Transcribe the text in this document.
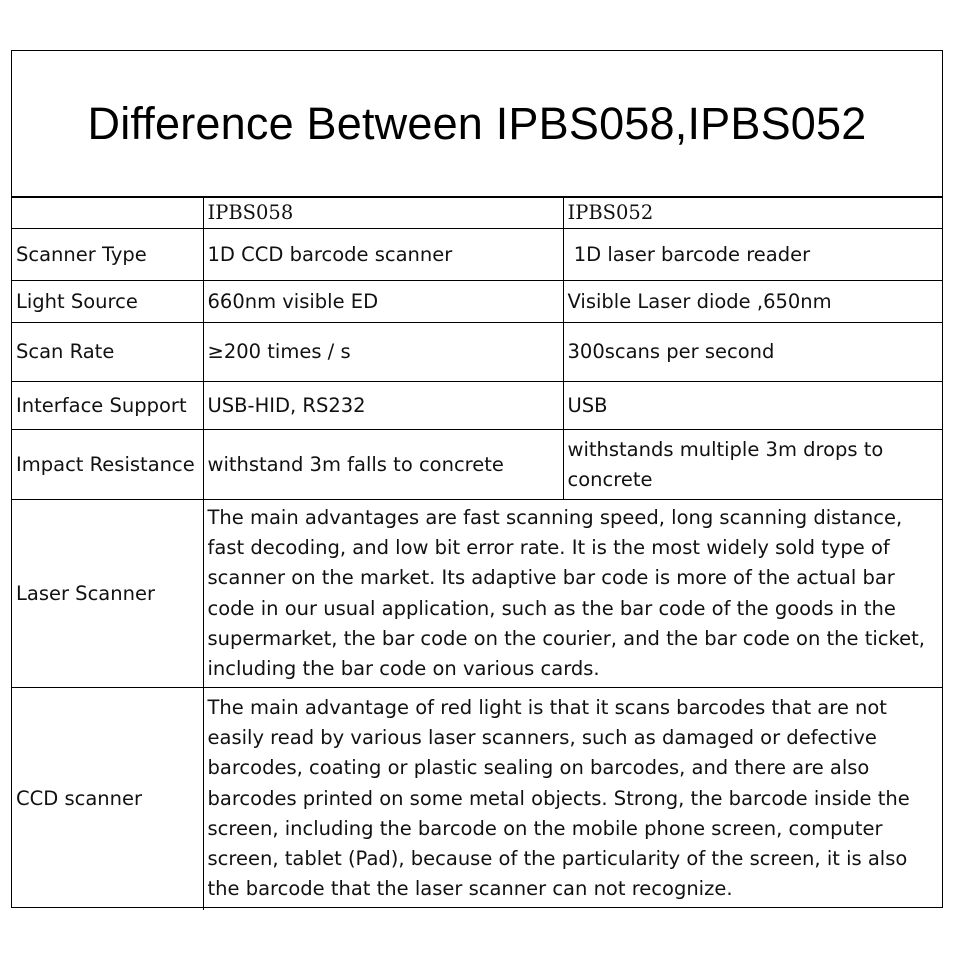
Difference Between IPBS058,IPBS052
	IPBS058	IPBS052
Scanner Type	1D CCD barcode scanner	1D laser barcode reader
Light Source	660nm visible ED	Visible Laser diode ,650nm
Scan Rate	≥200 times / s	300scans per second
Interface Support	USB-HID, RS232	USB
Impact Resistance	withstand 3m falls to concrete	withstands multiple 3m drops to concrete
Laser Scanner	The main advantages are fast scanning speed, long scanning distance, fast decoding, and low bit error rate. It is the most widely sold type of scanner on the market. Its adaptive bar code is more of the actual bar code in our usual application, such as the bar code of the goods in the supermarket, the bar code on the courier, and the bar code on the ticket, including the bar code on various cards.	
CCD scanner	The main advantage of red light is that it scans barcodes that are not easily read by various laser scanners, such as damaged or defective barcodes, coating or plastic sealing on barcodes, and there are also barcodes printed on some metal objects. Strong, the barcode inside the screen, including the barcode on the mobile phone screen, computer screen, tablet (Pad), because of the particularity of the screen, it is also the barcode that the laser scanner can not recognize.	
